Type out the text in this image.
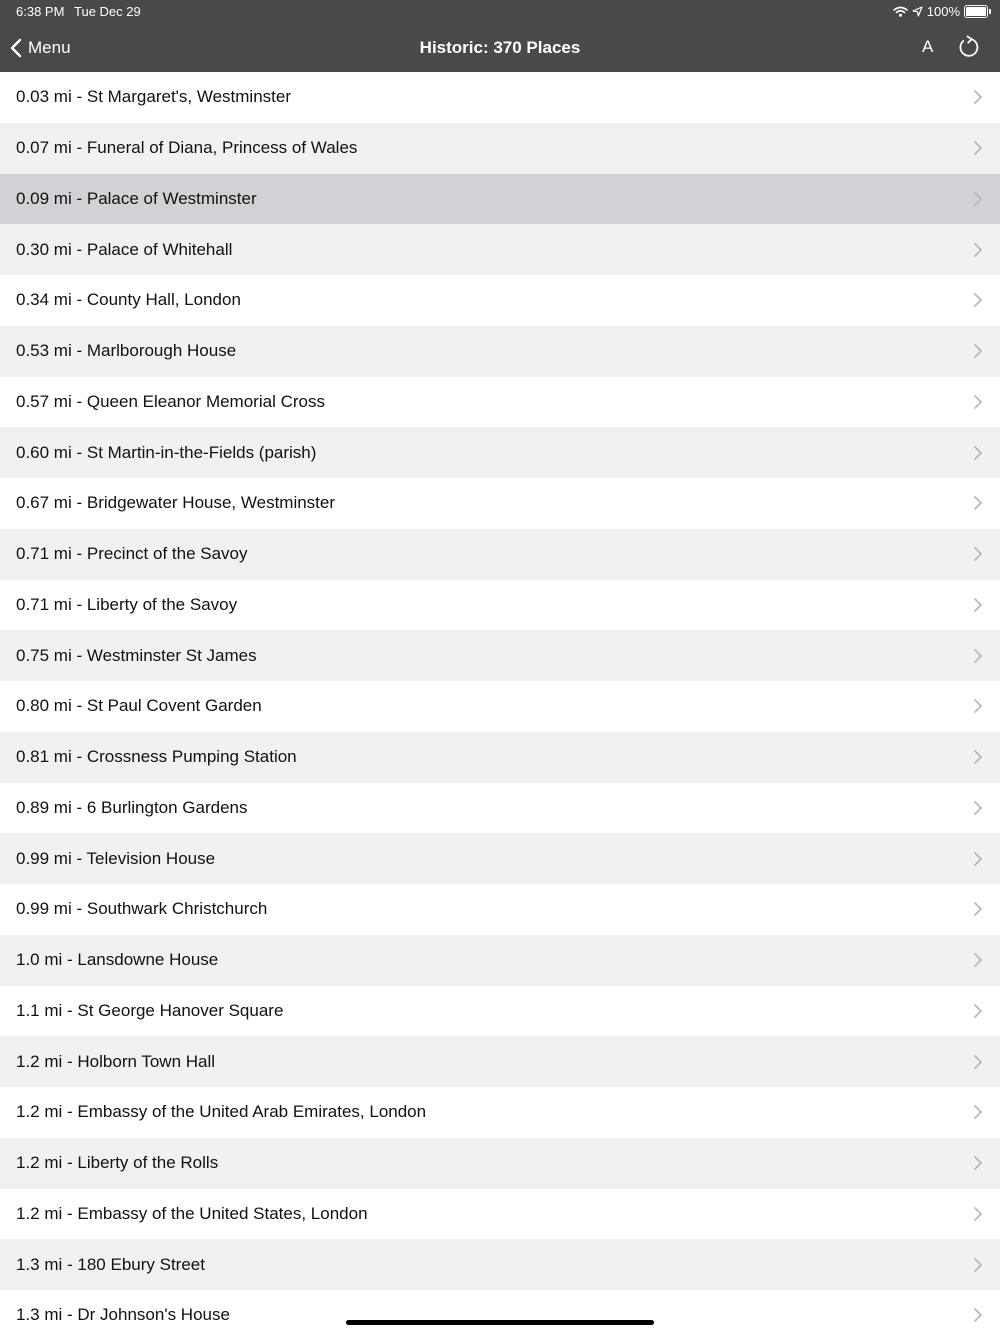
6:38 PM Tue Dec 29	100%
Menu	Historic: 370 Places	A
0.03 mi - St Margaret's, Westminster
0.07 mi - Funeral of Diana, Princess of Wales
0.09 mi - Palace of Westminster
0.30 mi - Palace of Whitehall
0.34 mi - County Hall, London
0.53 mi - Marlborough House
0.57 mi - Queen Eleanor Memorial Cross
0.60 mi - St Martin-in-the-Fields (parish)
0.67 mi - Bridgewater House, Westminster
0.71 mi - Precinct of the Savoy
0.71 mi - Liberty of the Savoy
0.75 mi - Westminster St James
0.80 mi - St Paul Covent Garden
0.81 mi - Crossness Pumping Station
0.89 mi - 6 Burlington Gardens
0.99 mi - Television House
0.99 mi - Southwark Christchurch
1.0 mi - Lansdowne House
1.1 mi - St George Hanover Square
1.2 mi - Holborn Town Hall
1.2 mi - Embassy of the United Arab Emirates, London
1.2 mi - Liberty of the Rolls
1.2 mi - Embassy of the United States, London
1.3 mi - 180 Ebury Street
1.3 mi - Dr Johnson's House
